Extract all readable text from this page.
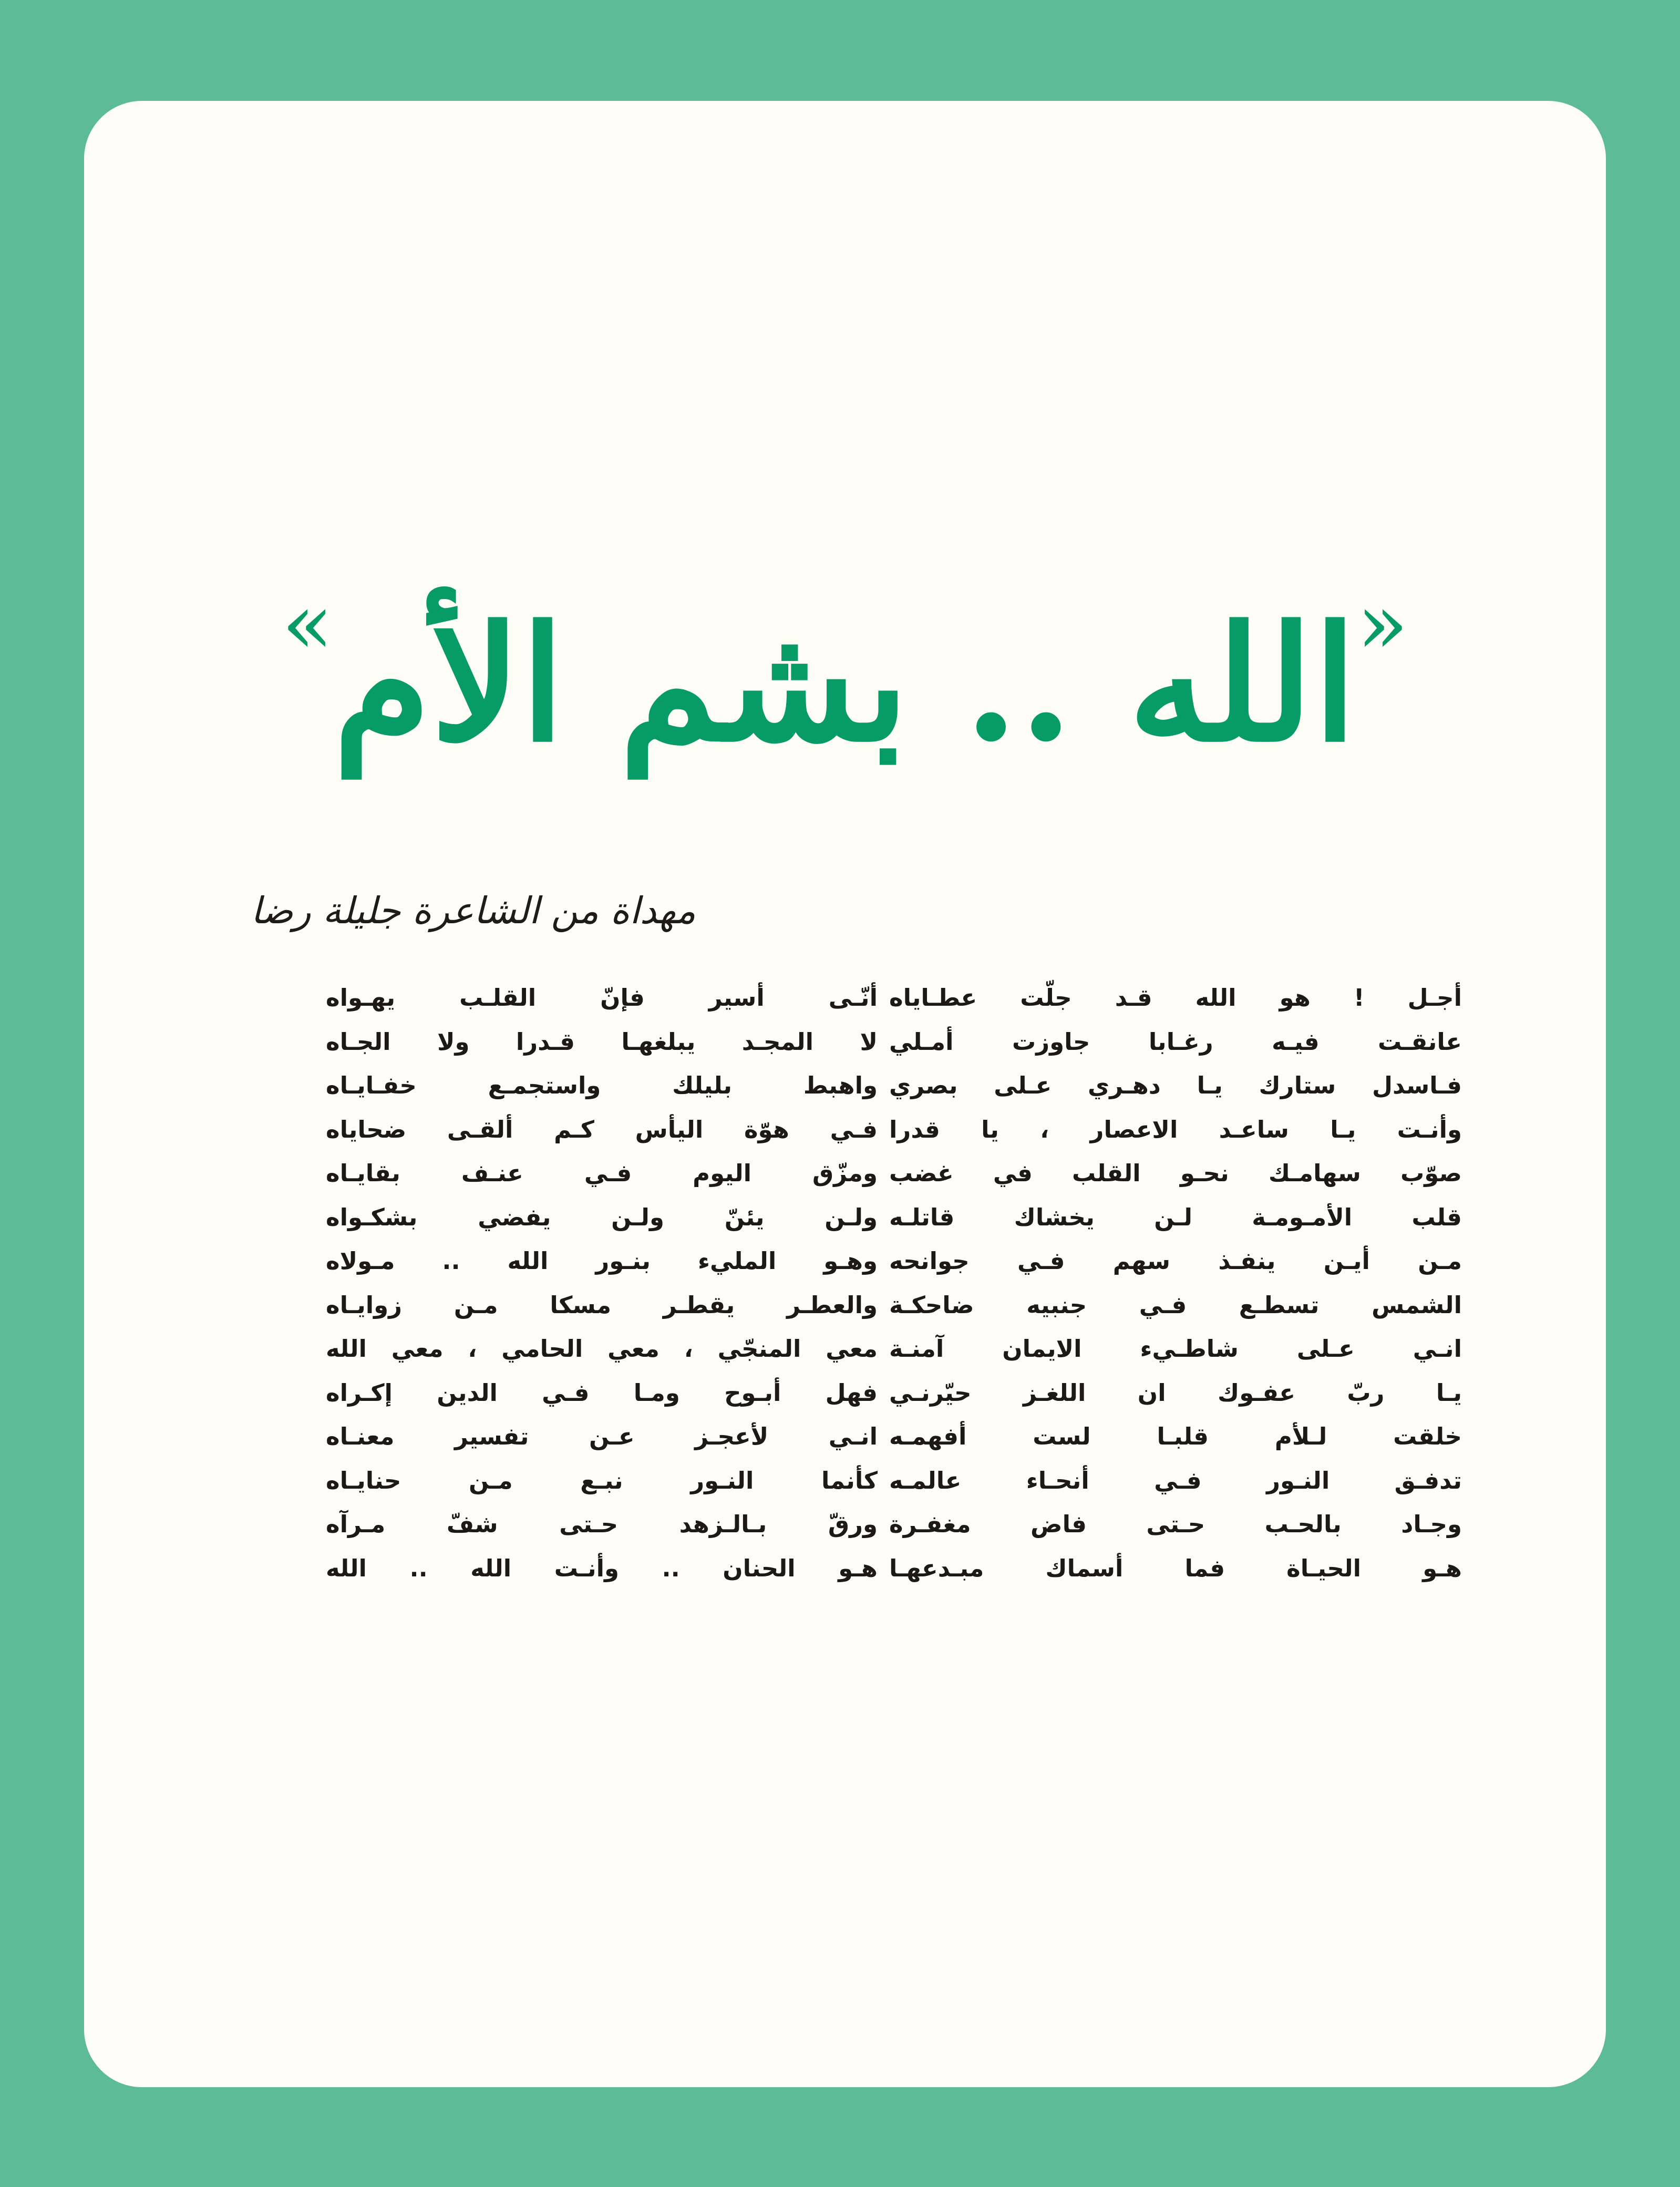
«الله .. بشم الأم»
مهداة من الشاعرة جليلة رضا
أجـل ! هو الله قـد جلّت عطـاياه
عانقـت فيـه رغـابا جاوزت أمـلي
فـاسدل ستارك يـا دهـري عـلى بصري
وأنـت يـا ساعـد الاعصار ، يا قدرا
صوّب سهامـك نحـو القلب في غضب
قلب الأمـومـة لـن يخشاك قاتلـه
مـن أيـن ينفـذ سهم فـي جوانحه
الشمس تسطـع فـي جنبيه ضاحكـة
انـي عـلى شاطـيء الايمان آمنـة
يـا ربّ عفـوك ان اللغـز حيّرنـي
خلقت لـلأم قلبـا لست أفهمـه
تدفـق النـور فـي أنحـاء عالمـه
وجـاد بالحـب حـتى فاض مغفـرة
هـو الحيـاة فما أسماك مبـدعهـا
أنّـى أسير فإنّ القلـب يهـواه
لا المجـد يبلغهـا قـدرا ولا الجـاه
واهبط بليلك واستجمـع خفـايـاه
فـي هوّة اليأس كـم ألقـى ضحاياه
ومزّق اليوم فـي عنـف بقايـاه
ولـن يئنّ ولـن يفضي بشكـواه
وهـو المليء بنـور الله .. مـولاه
والعطـر يقطـر مسكا مـن زوايـاه
معي المنجّي ، معي الحامي ، معي الله
فهل أبـوح ومـا فـي الدين إكـراه
انـي لأعجـز عـن تفسير معنـاه
كأنما النـور نبـع مـن حنايـاه
ورقّ بـالـزهد حـتى شفّ مـرآه
هـو الحنان .. وأنـت الله .. الله
